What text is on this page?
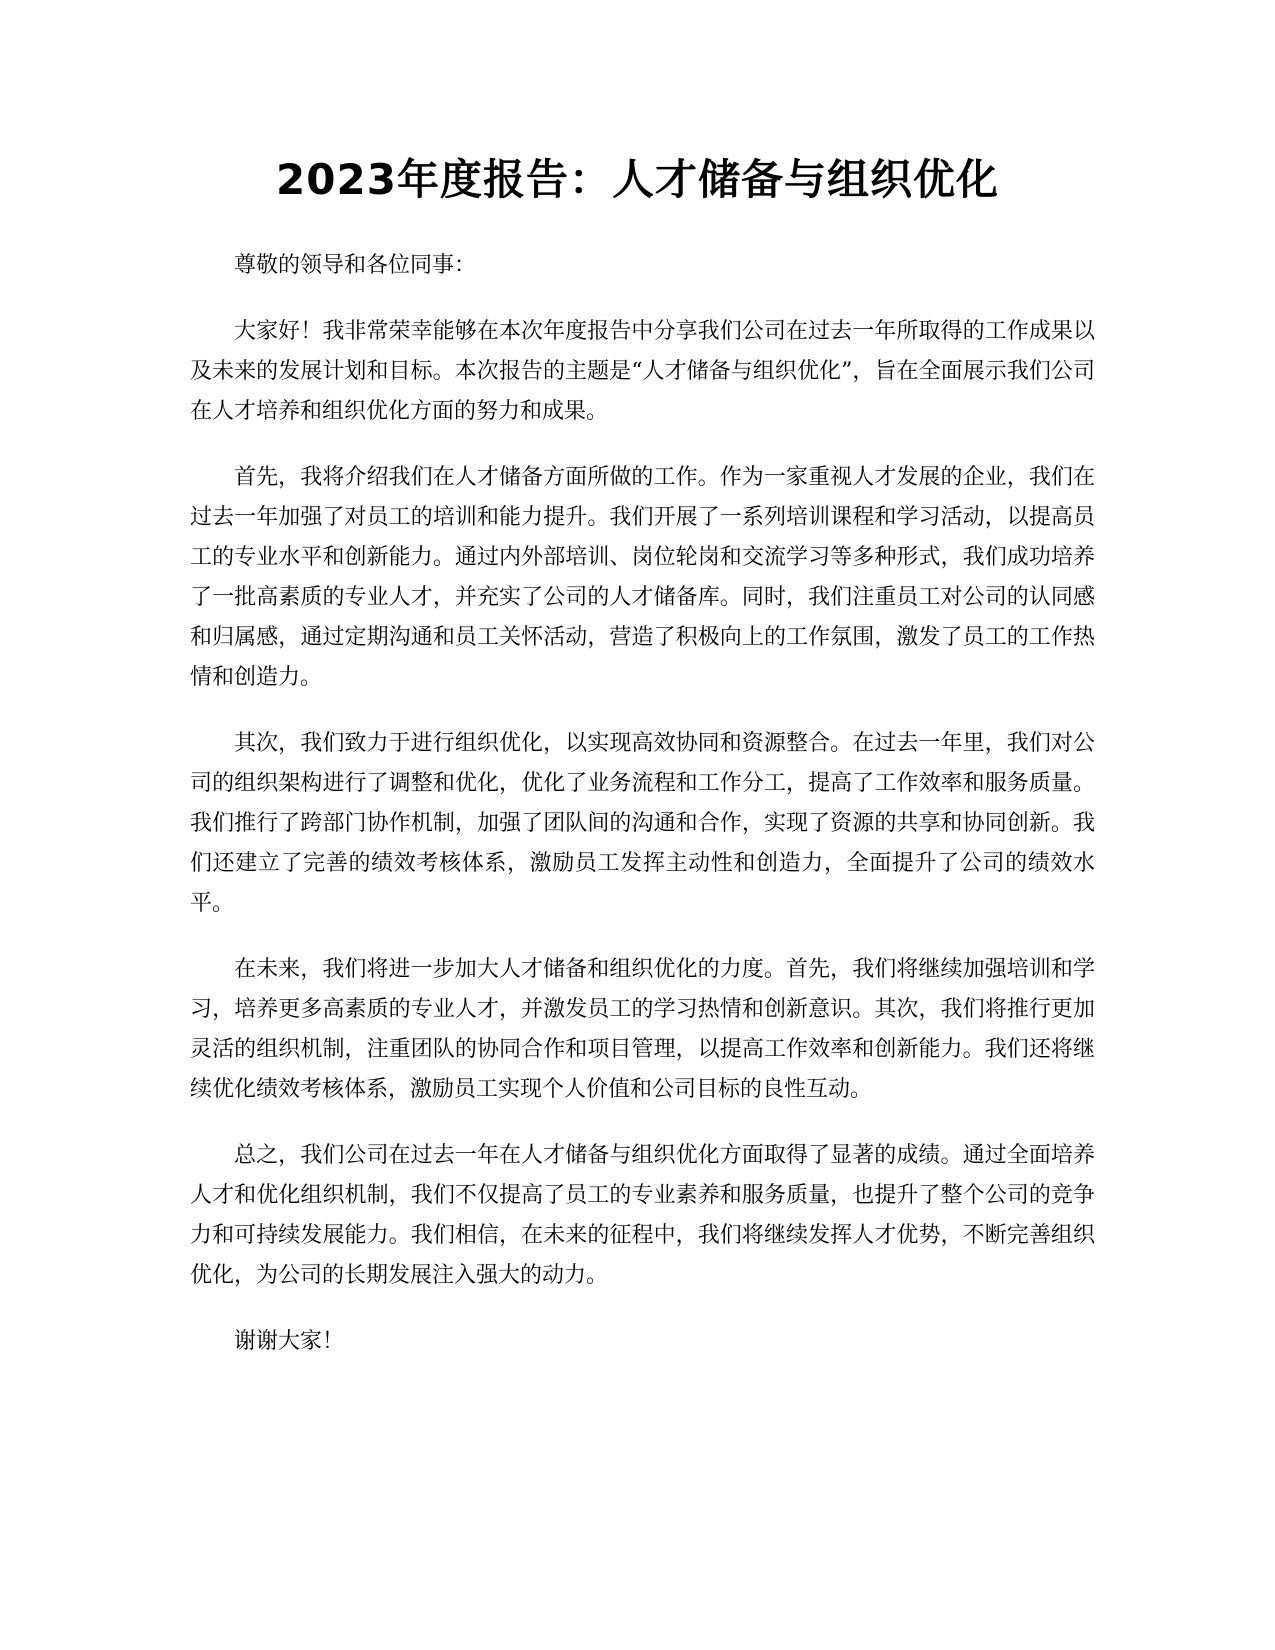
2023年度报告：人才储备与组织优化

尊敬的领导和各位同事：

大家好！我非常荣幸能够在本次年度报告中分享我们公司在过去一年所取得的工作成果以及未来的发展计划和目标。本次报告的主题是“人才储备与组织优化”，旨在全面展示我们公司在人才培养和组织优化方面的努力和成果。

首先，我将介绍我们在人才储备方面所做的工作。作为一家重视人才发展的企业，我们在过去一年加强了对员工的培训和能力提升。我们开展了一系列培训课程和学习活动，以提高员工的专业水平和创新能力。通过内外部培训、岗位轮岗和交流学习等多种形式，我们成功培养了一批高素质的专业人才，并充实了公司的人才储备库。同时，我们注重员工对公司的认同感和归属感，通过定期沟通和员工关怀活动，营造了积极向上的工作氛围，激发了员工的工作热情和创造力。

其次，我们致力于进行组织优化，以实现高效协同和资源整合。在过去一年里，我们对公司的组织架构进行了调整和优化，优化了业务流程和工作分工，提高了工作效率和服务质量。我们推行了跨部门协作机制，加强了团队间的沟通和合作，实现了资源的共享和协同创新。我们还建立了完善的绩效考核体系，激励员工发挥主动性和创造力，全面提升了公司的绩效水平。

在未来，我们将进一步加大人才储备和组织优化的力度。首先，我们将继续加强培训和学习，培养更多高素质的专业人才，并激发员工的学习热情和创新意识。其次，我们将推行更加灵活的组织机制，注重团队的协同合作和项目管理，以提高工作效率和创新能力。我们还将继续优化绩效考核体系，激励员工实现个人价值和公司目标的良性互动。

总之，我们公司在过去一年在人才储备与组织优化方面取得了显著的成绩。通过全面培养人才和优化组织机制，我们不仅提高了员工的专业素养和服务质量，也提升了整个公司的竞争力和可持续发展能力。我们相信，在未来的征程中，我们将继续发挥人才优势，不断完善组织优化，为公司的长期发展注入强大的动力。

谢谢大家！
